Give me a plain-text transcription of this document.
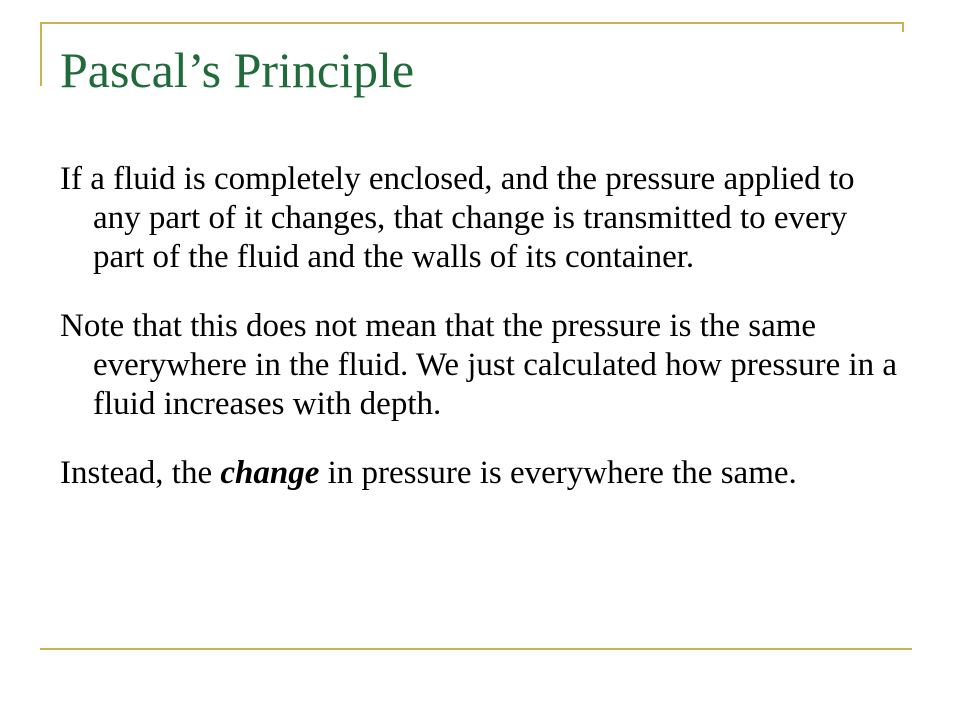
Pascal’s Principle

If a fluid is completely enclosed, and the pressure applied to any part of it changes, that change is transmitted to every part of the fluid and the walls of its container.

Note that this does not mean that the pressure is the same everywhere in the fluid. We just calculated how pressure in a fluid increases with depth.

Instead, the change in pressure is everywhere the same.
